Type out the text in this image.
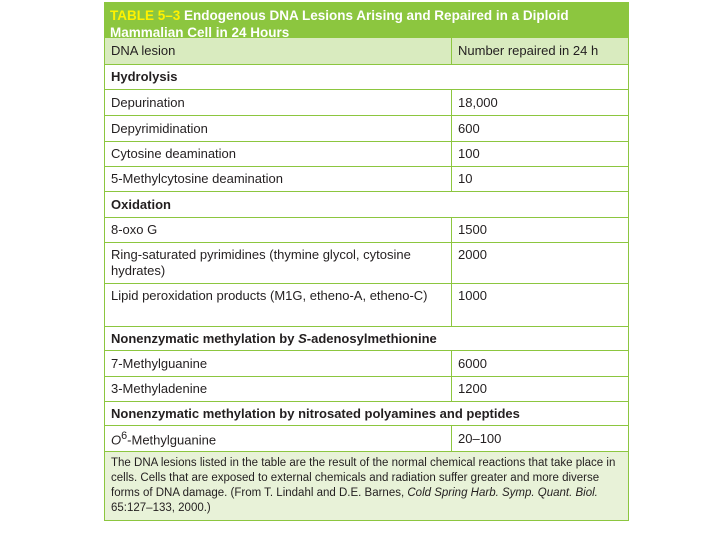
TABLE 5–3 Endogenous DNA Lesions Arising and Repaired in a Diploid Mammalian Cell in 24 Hours
DNA lesion	Number repaired in 24 h
Hydrolysis	
Depurination	18,000
Depyrimidination	600
Cytosine deamination	100
5-Methylcytosine deamination	10
Oxidation	
8-oxo G	1500
Ring-saturated pyrimidines (thymine glycol, cytosine hydrates)	2000
Lipid peroxidation products (M1G, etheno-A, etheno-C)	1000
Nonenzymatic methylation by S-adenosylmethionine	
7-Methylguanine	6000
3-Methyladenine	1200
Nonenzymatic methylation by nitrosated polyamines and peptides	
$O^6$-Methylguanine	20–100
The DNA lesions listed in the table are the result of the normal chemical reactions that take place in cells. Cells that are exposed to external chemicals and radiation suffer greater and more diverse forms of DNA damage. (From T. Lindahl and D.E. Barnes, Cold Spring Harb. Symp. Quant. Biol. 65:127–133, 2000.)	
